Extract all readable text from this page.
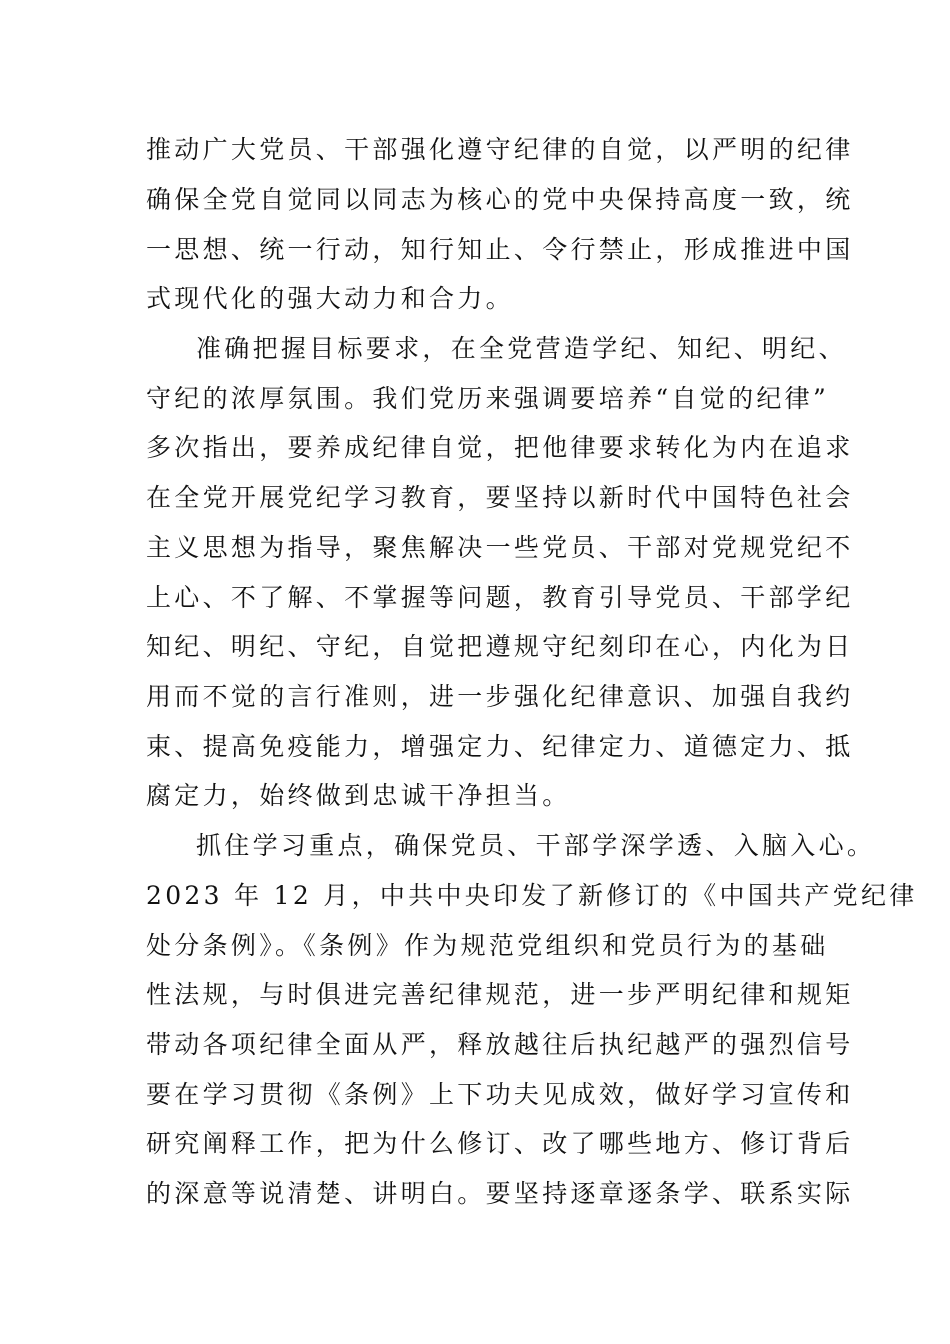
推动广大党员、干部强化遵守纪律的自觉，以严明的纪律
确保全党自觉同以同志为核心的党中央保持高度一致，统
一思想、统一行动，知行知止、令行禁止，形成推进中国
式现代化的强大动力和合力。
准确把握目标要求，在全党营造学纪、知纪、明纪、
守纪的浓厚氛围。我们党历来强调要培养“自觉的纪律”
多次指出，要养成纪律自觉，把他律要求转化为内在追求
在全党开展党纪学习教育，要坚持以新时代中国特色社会
主义思想为指导，聚焦解决一些党员、干部对党规党纪不
上心、不了解、不掌握等问题，教育引导党员、干部学纪
知纪、明纪、守纪，自觉把遵规守纪刻印在心，内化为日
用而不觉的言行准则，进一步强化纪律意识、加强自我约
束、提高免疫能力，增强定力、纪律定力、道德定力、抵
腐定力，始终做到忠诚干净担当。
抓住学习重点，确保党员、干部学深学透、入脑入心。
2023 年 12 月，中共中央印发了新修订的《中国共产党纪律
处分条例》。《条例》作为规范党组织和党员行为的基础
性法规，与时俱进完善纪律规范，进一步严明纪律和规矩
带动各项纪律全面从严，释放越往后执纪越严的强烈信号
要在学习贯彻《条例》上下功夫见成效，做好学习宣传和
研究阐释工作，把为什么修订、改了哪些地方、修订背后
的深意等说清楚、讲明白。要坚持逐章逐条学、联系实际
